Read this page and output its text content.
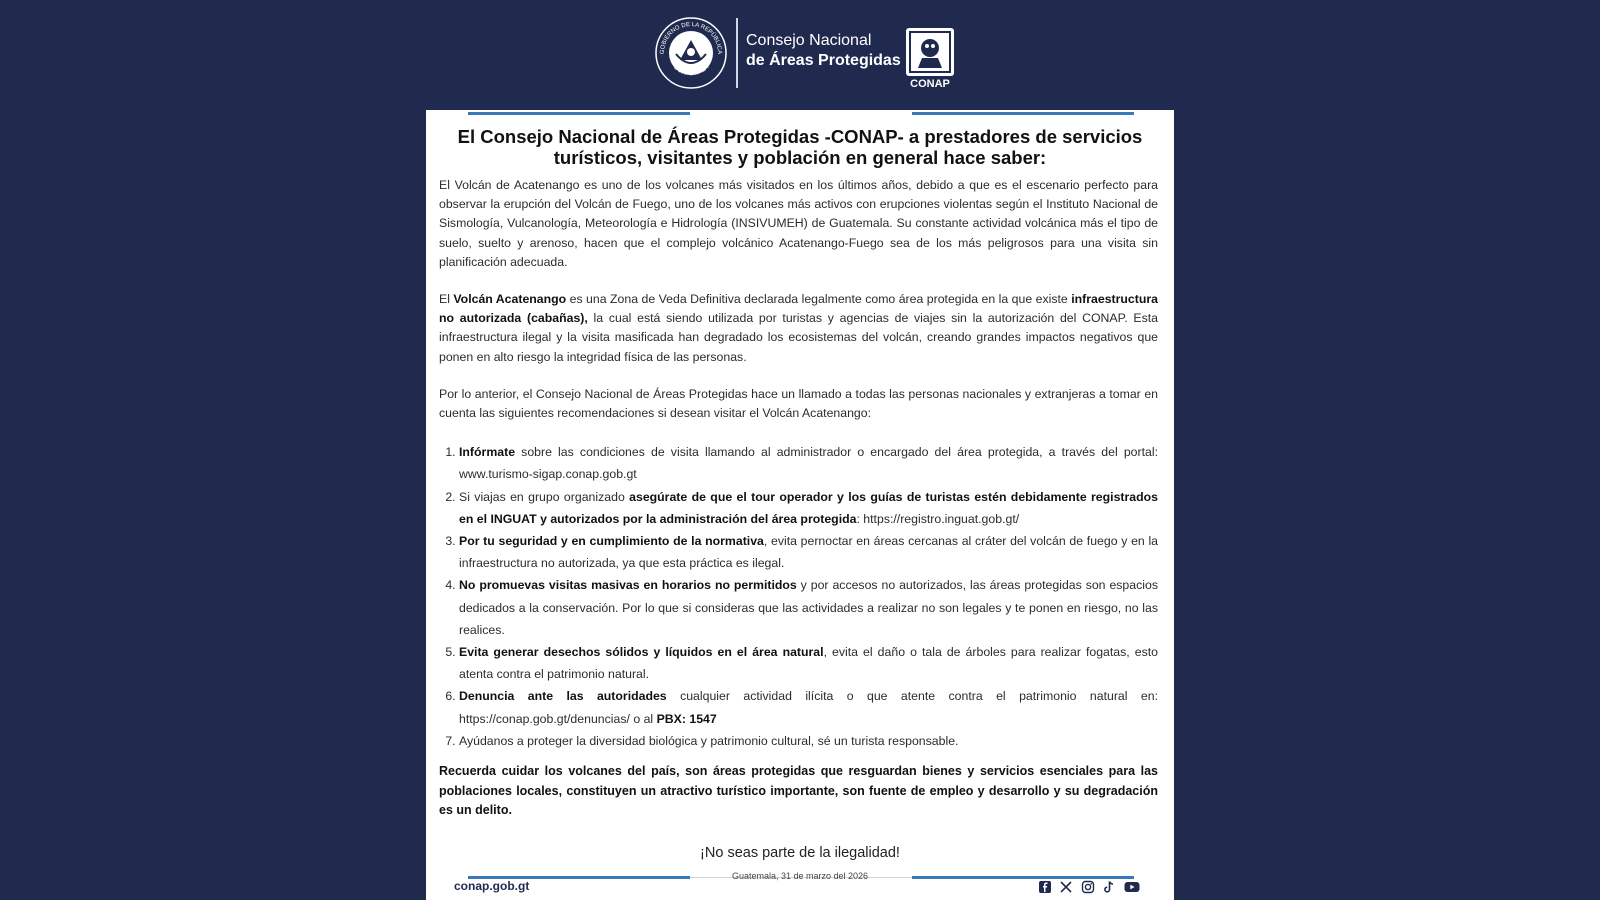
GOBIERNO DE LA REPÚBLICA
GUATEMALA
Consejo Nacional
de Áreas Protegidas
CONAP
El Consejo Nacional de Áreas Protegidas -CONAP- a prestadores de servicios turísticos, visitantes y población en general hace saber:

El Volcán de Acatenango es uno de los volcanes más visitados en los últimos años, debido a que es el escenario perfecto para observar la erupción del Volcán de Fuego, uno de los volcanes más activos con erupciones violentas según el Instituto Nacional de Sismología, Vulcanología, Meteorología e Hidrología (INSIVUMEH) de Guatemala. Su constante actividad volcánica más el tipo de suelo, suelto y arenoso, hacen que el complejo volcánico Acatenango-Fuego sea de los más peligrosos para una visita sin planificación adecuada.

El Volcán Acatenango es una Zona de Veda Definitiva declarada legalmente como área protegida en la que existe infraestructura no autorizada (cabañas), la cual está siendo utilizada por turistas y agencias de viajes sin la autorización del CONAP. Esta infraestructura ilegal y la visita masificada han degradado los ecosistemas del volcán, creando grandes impactos negativos que ponen en alto riesgo la integridad física de las personas.

Por lo anterior, el Consejo Nacional de Áreas Protegidas hace un llamado a todas las personas nacionales y extranjeras a tomar en cuenta las siguientes recomendaciones si desean visitar el Volcán Acatenango:

1. Infórmate sobre las condiciones de visita llamando al administrador o encargado del área protegida, a través del portal: www.turismo-sigap.conap.gob.gt
2. Si viajas en grupo organizado asegúrate de que el tour operador y los guías de turistas estén debidamente registrados en el INGUAT y autorizados por la administración del área protegida: https://registro.inguat.gob.gt/
3. Por tu seguridad y en cumplimiento de la normativa, evita pernoctar en áreas cercanas al cráter del volcán de fuego y en la infraestructura no autorizada, ya que esta práctica es ilegal.
4. No promuevas visitas masivas en horarios no permitidos y por accesos no autorizados, las áreas protegidas son espacios dedicados a la conservación. Por lo que si consideras que las actividades a realizar no son legales y te ponen en riesgo, no las realices.
5. Evita generar desechos sólidos y líquidos en el área natural, evita el daño o tala de árboles para realizar fogatas, esto atenta contra el patrimonio natural.
6. Denuncia ante las autoridades cualquier actividad ilícita o que atente contra el patrimonio natural en: https://conap.gob.gt/denuncias/ o al PBX: 1547
7. Ayúdanos a proteger la diversidad biológica y patrimonio cultural, sé un turista responsable.

Recuerda cuidar los volcanes del país, son áreas protegidas que resguardan bienes y servicios esenciales para las poblaciones locales, constituyen un atractivo turístico importante, son fuente de empleo y desarrollo y su degradación es un delito.

¡No seas parte de la ilegalidad!
Guatemala, 31 de marzo del 2026
conap.gob.gt
